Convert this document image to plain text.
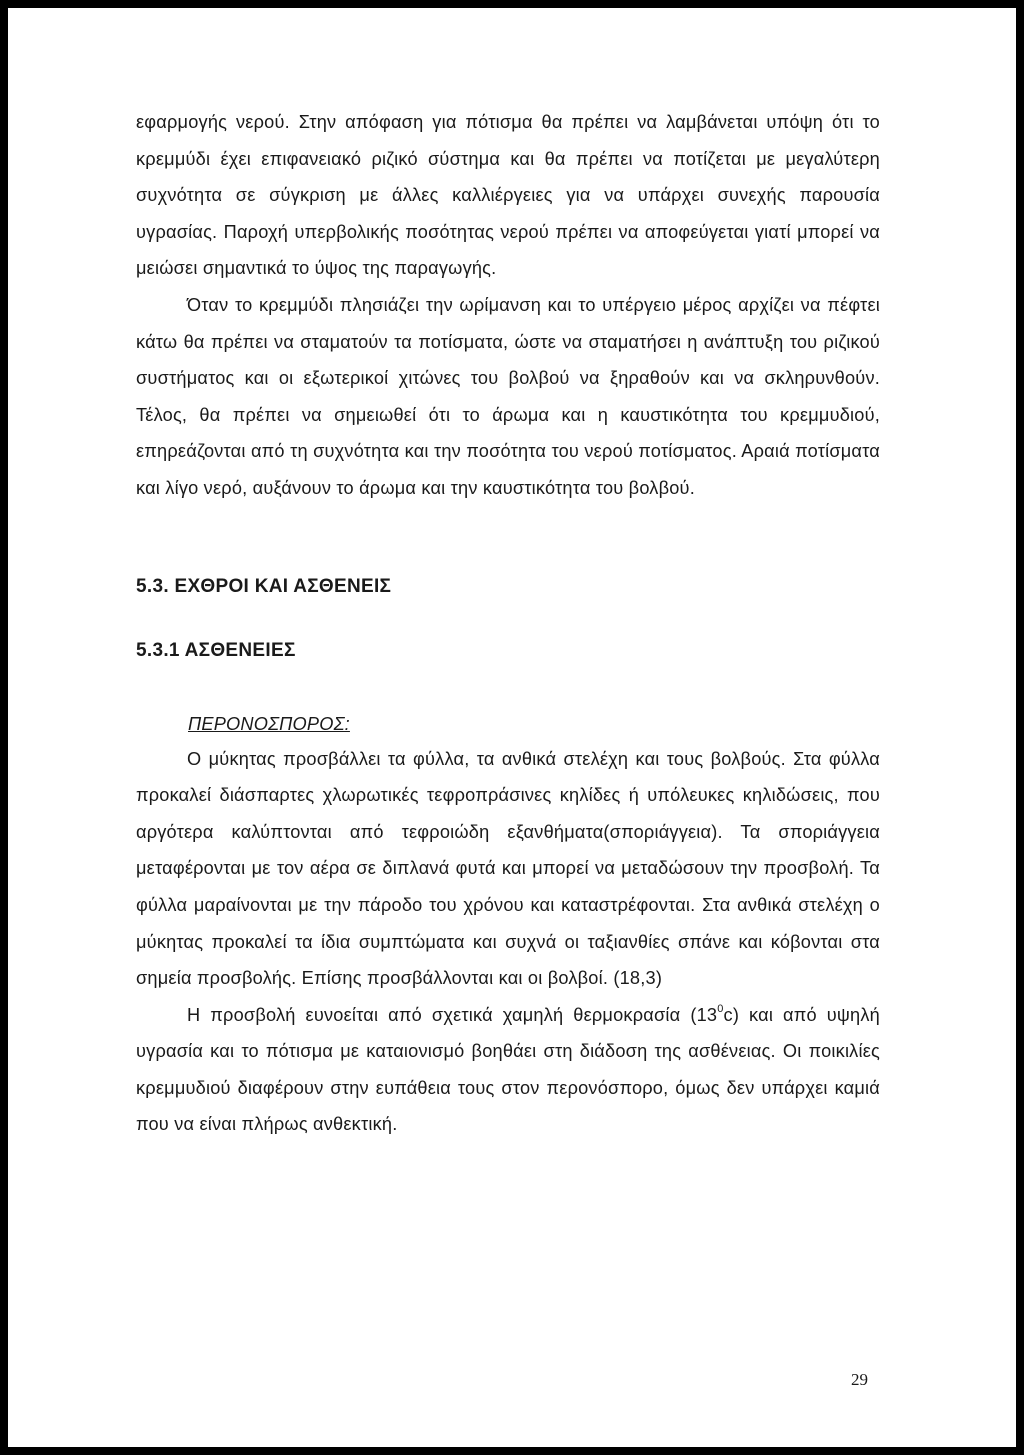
εφαρμογής νερού. Στην απόφαση για πότισμα θα πρέπει να λαμβάνεται υπόψη ότι το κρεμμύδι έχει επιφανειακό ριζικό σύστημα και θα πρέπει να ποτίζεται με μεγαλύτερη συχνότητα σε σύγκριση με άλλες καλλιέργειες για να υπάρχει συνεχής παρουσία υγρασίας. Παροχή υπερβολικής ποσότητας νερού πρέπει να αποφεύγεται γιατί μπορεί να μειώσει σημαντικά το ύψος της παραγωγής.

Όταν το κρεμμύδι πλησιάζει την ωρίμανση και το υπέργειο μέρος αρχίζει να πέφτει κάτω θα πρέπει να σταματούν τα ποτίσματα, ώστε να σταματήσει η ανάπτυξη του ριζικού συστήματος και οι εξωτερικοί χιτώνες του βολβού να ξηραθούν και να σκληρυνθούν. Τέλος, θα πρέπει να σημειωθεί ότι το άρωμα και η καυστικότητα του κρεμμυδιού, επηρεάζονται από τη συχνότητα και την ποσότητα του νερού ποτίσματος. Αραιά ποτίσματα και λίγο νερό, αυξάνουν το άρωμα και την καυστικότητα του βολβού.

5.3. ΕΧΘΡΟΙ ΚΑΙ ΑΣΘΕΝΕΙΣ

5.3.1 ΑΣΘΕΝΕΙΕΣ

ΠΕΡΟΝΟΣΠΟΡΟΣ:

Ο μύκητας προσβάλλει τα φύλλα, τα ανθικά στελέχη και τους βολβούς. Στα φύλλα προκαλεί διάσπαρτες χλωρωτικές τεφροπράσινες κηλίδες ή υπόλευκες κηλιδώσεις, που αργότερα καλύπτονται από τεφροιώδη εξανθήματα(σποριάγγεια). Τα σποριάγγεια μεταφέρονται με τον αέρα σε διπλανά φυτά και μπορεί να μεταδώσουν την προσβολή. Τα φύλλα μαραίνονται με την πάροδο του χρόνου και καταστρέφονται. Στα ανθικά στελέχη ο μύκητας προκαλεί τα ίδια συμπτώματα και συχνά οι ταξιανθίες σπάνε και κόβονται στα σημεία προσβολής. Επίσης προσβάλλονται και οι βολβοί. (18,3)

Η προσβολή ευνοείται από σχετικά χαμηλή θερμοκρασία $(13^0c)$ και από υψηλή υγρασία και το πότισμα με καταιονισμό βοηθάει στη διάδοση της ασθένειας. Οι ποικιλίες κρεμμυδιού διαφέρουν στην ευπάθεια τους στον περονόσπορο, όμως δεν υπάρχει καμιά που να είναι πλήρως ανθεκτική.

29
